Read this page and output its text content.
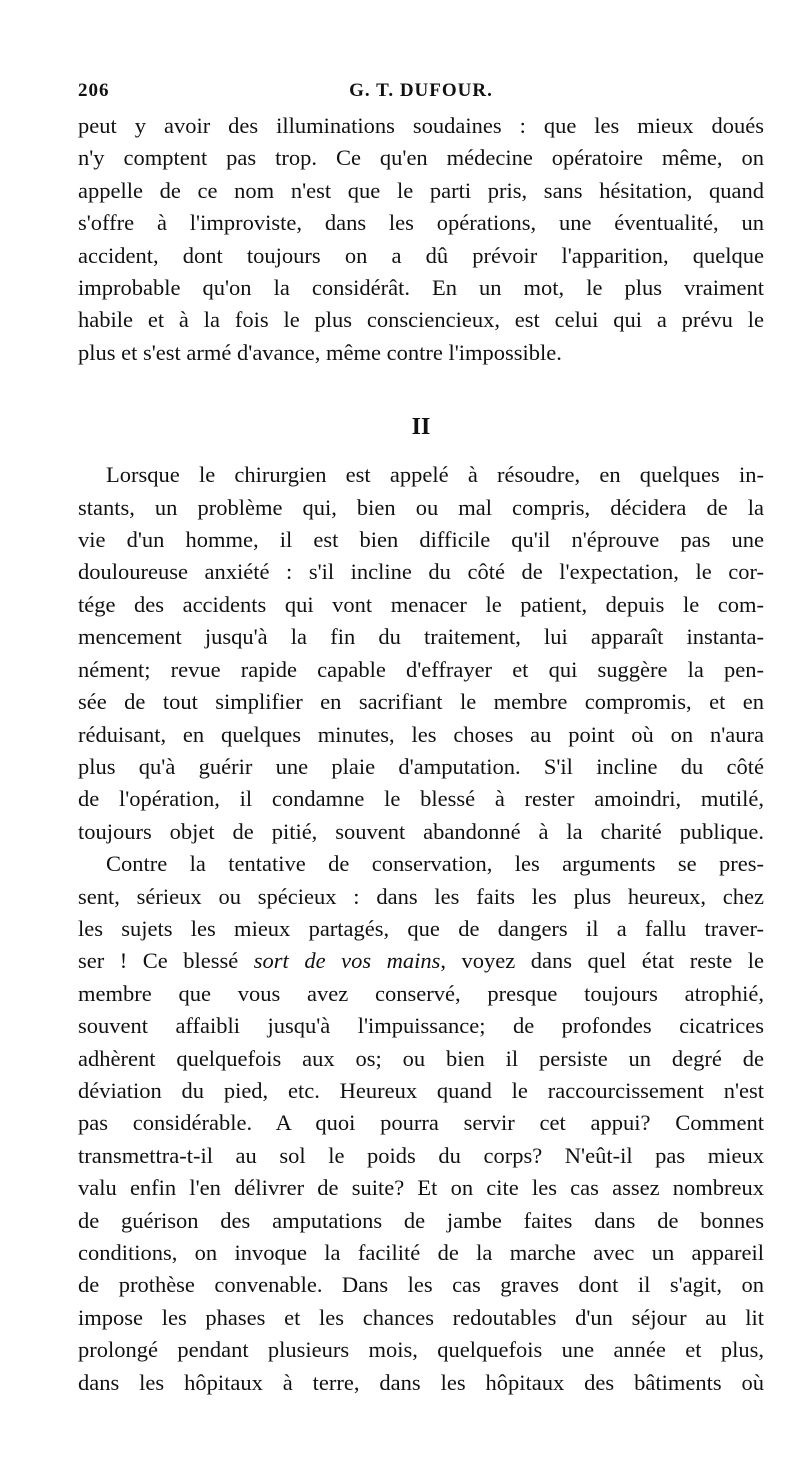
206	G. T. DUFOUR.

peut y avoir des illuminations soudaines : que les mieux doués

n'y comptent pas trop. Ce qu'en médecine opératoire même, on

appelle de ce nom n'est que le parti pris, sans hésitation, quand

s'offre à l'improviste, dans les opérations, une éventualité, un

accident, dont toujours on a dû prévoir l'apparition, quelque

improbable qu'on la considérât. En un mot, le plus vraiment

habile et à la fois le plus consciencieux, est celui qui a prévu le

plus et s'est armé d'avance, même contre l'impossible.

II

Lorsque le chirurgien est appelé à résoudre, en quelques in-

stants, un problème qui, bien ou mal compris, décidera de la

vie d'un homme, il est bien difficile qu'il n'éprouve pas une

douloureuse anxiété : s'il incline du côté de l'expectation, le cor-

tége des accidents qui vont menacer le patient, depuis le com-

mencement jusqu'à la fin du traitement, lui apparaît instanta-

nément; revue rapide capable d'effrayer et qui suggère la pen-

sée de tout simplifier en sacrifiant le membre compromis, et en

réduisant, en quelques minutes, les choses au point où on n'aura

plus qu'à guérir une plaie d'amputation. S'il incline du côté

de l'opération, il condamne le blessé à rester amoindri, mutilé,

toujours objet de pitié, souvent abandonné à la charité publique.

Contre la tentative de conservation, les arguments se pres-

sent, sérieux ou spécieux : dans les faits les plus heureux, chez

les sujets les mieux partagés, que de dangers il a fallu traver-

ser ! Ce blessé sort de vos mains, voyez dans quel état reste le

membre que vous avez conservé, presque toujours atrophié,

souvent affaibli jusqu'à l'impuissance; de profondes cicatrices

adhèrent quelquefois aux os; ou bien il persiste un degré de

déviation du pied, etc. Heureux quand le raccourcissement n'est

pas considérable. A quoi pourra servir cet appui? Comment

transmettra-t-il au sol le poids du corps? N'eût-il pas mieux

valu enfin l'en délivrer de suite? Et on cite les cas assez nombreux

de guérison des amputations de jambe faites dans de bonnes

conditions, on invoque la facilité de la marche avec un appareil

de prothèse convenable. Dans les cas graves dont il s'agit, on

impose les phases et les chances redoutables d'un séjour au lit

prolongé pendant plusieurs mois, quelquefois une année et plus,

dans les hôpitaux à terre, dans les hôpitaux des bâtiments où
